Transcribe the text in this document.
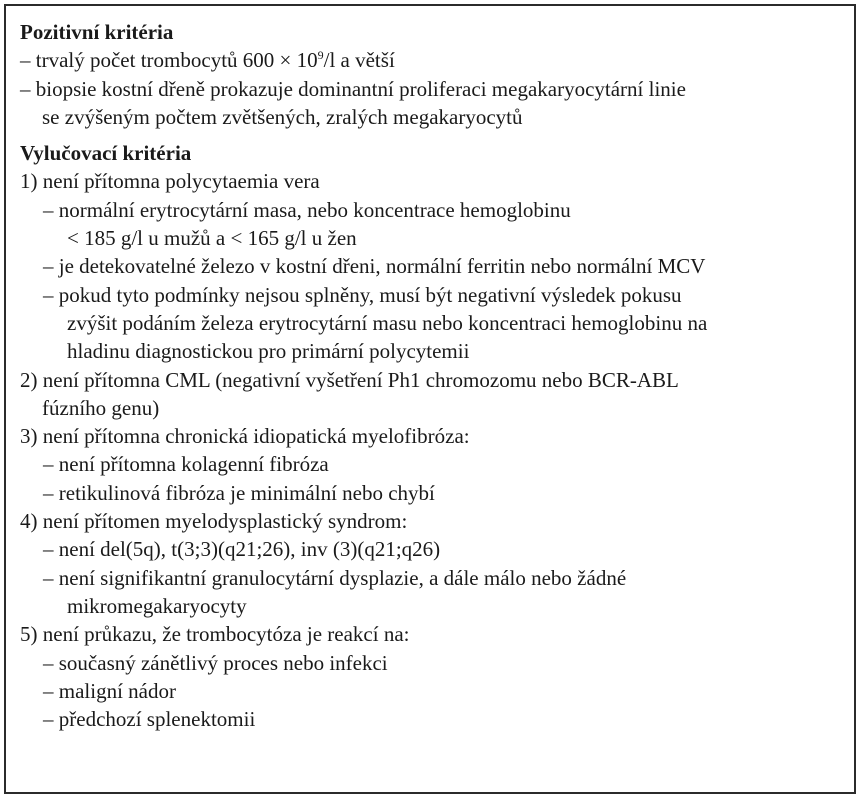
Pozitivní kritéria
– trvalý počet trombocytů $600 \times 10^9/l$ a větší
– biopsie kostní dřeně prokazuje dominantní proliferaci megakaryocytární linie
se zvýšeným počtem zvětšených, zralých megakaryocytů
Vylučovací kritéria
1) není přítomna polycytaemia vera
– normální erytrocytární masa, nebo koncentrace hemoglobinu
< 185 g/l u mužů a < 165 g/l u žen
– je detekovatelné železo v kostní dřeni, normální ferritin nebo normální MCV
– pokud tyto podmínky nejsou splněny, musí být negativní výsledek pokusu
zvýšit podáním železa erytrocytární masu nebo koncentraci hemoglobinu na
hladinu diagnostickou pro primární polycytemii
2) není přítomna CML (negativní vyšetření Ph1 chromozomu nebo BCR-ABL
fúzního genu)
3) není přítomna chronická idiopatická myelofibróza:
– není přítomna kolagenní fibróza
– retikulinová fibróza je minimální nebo chybí
4) není přítomen myelodysplastický syndrom:
– není del(5q), t(3;3)(q21;26), inv (3)(q21;q26)
– není signifikantní granulocytární dysplazie, a dále málo nebo žádné
mikromegakaryocyty
5) není průkazu, že trombocytóza je reakcí na:
– současný zánětlivý proces nebo infekci
– maligní nádor
– předchozí splenektomii
